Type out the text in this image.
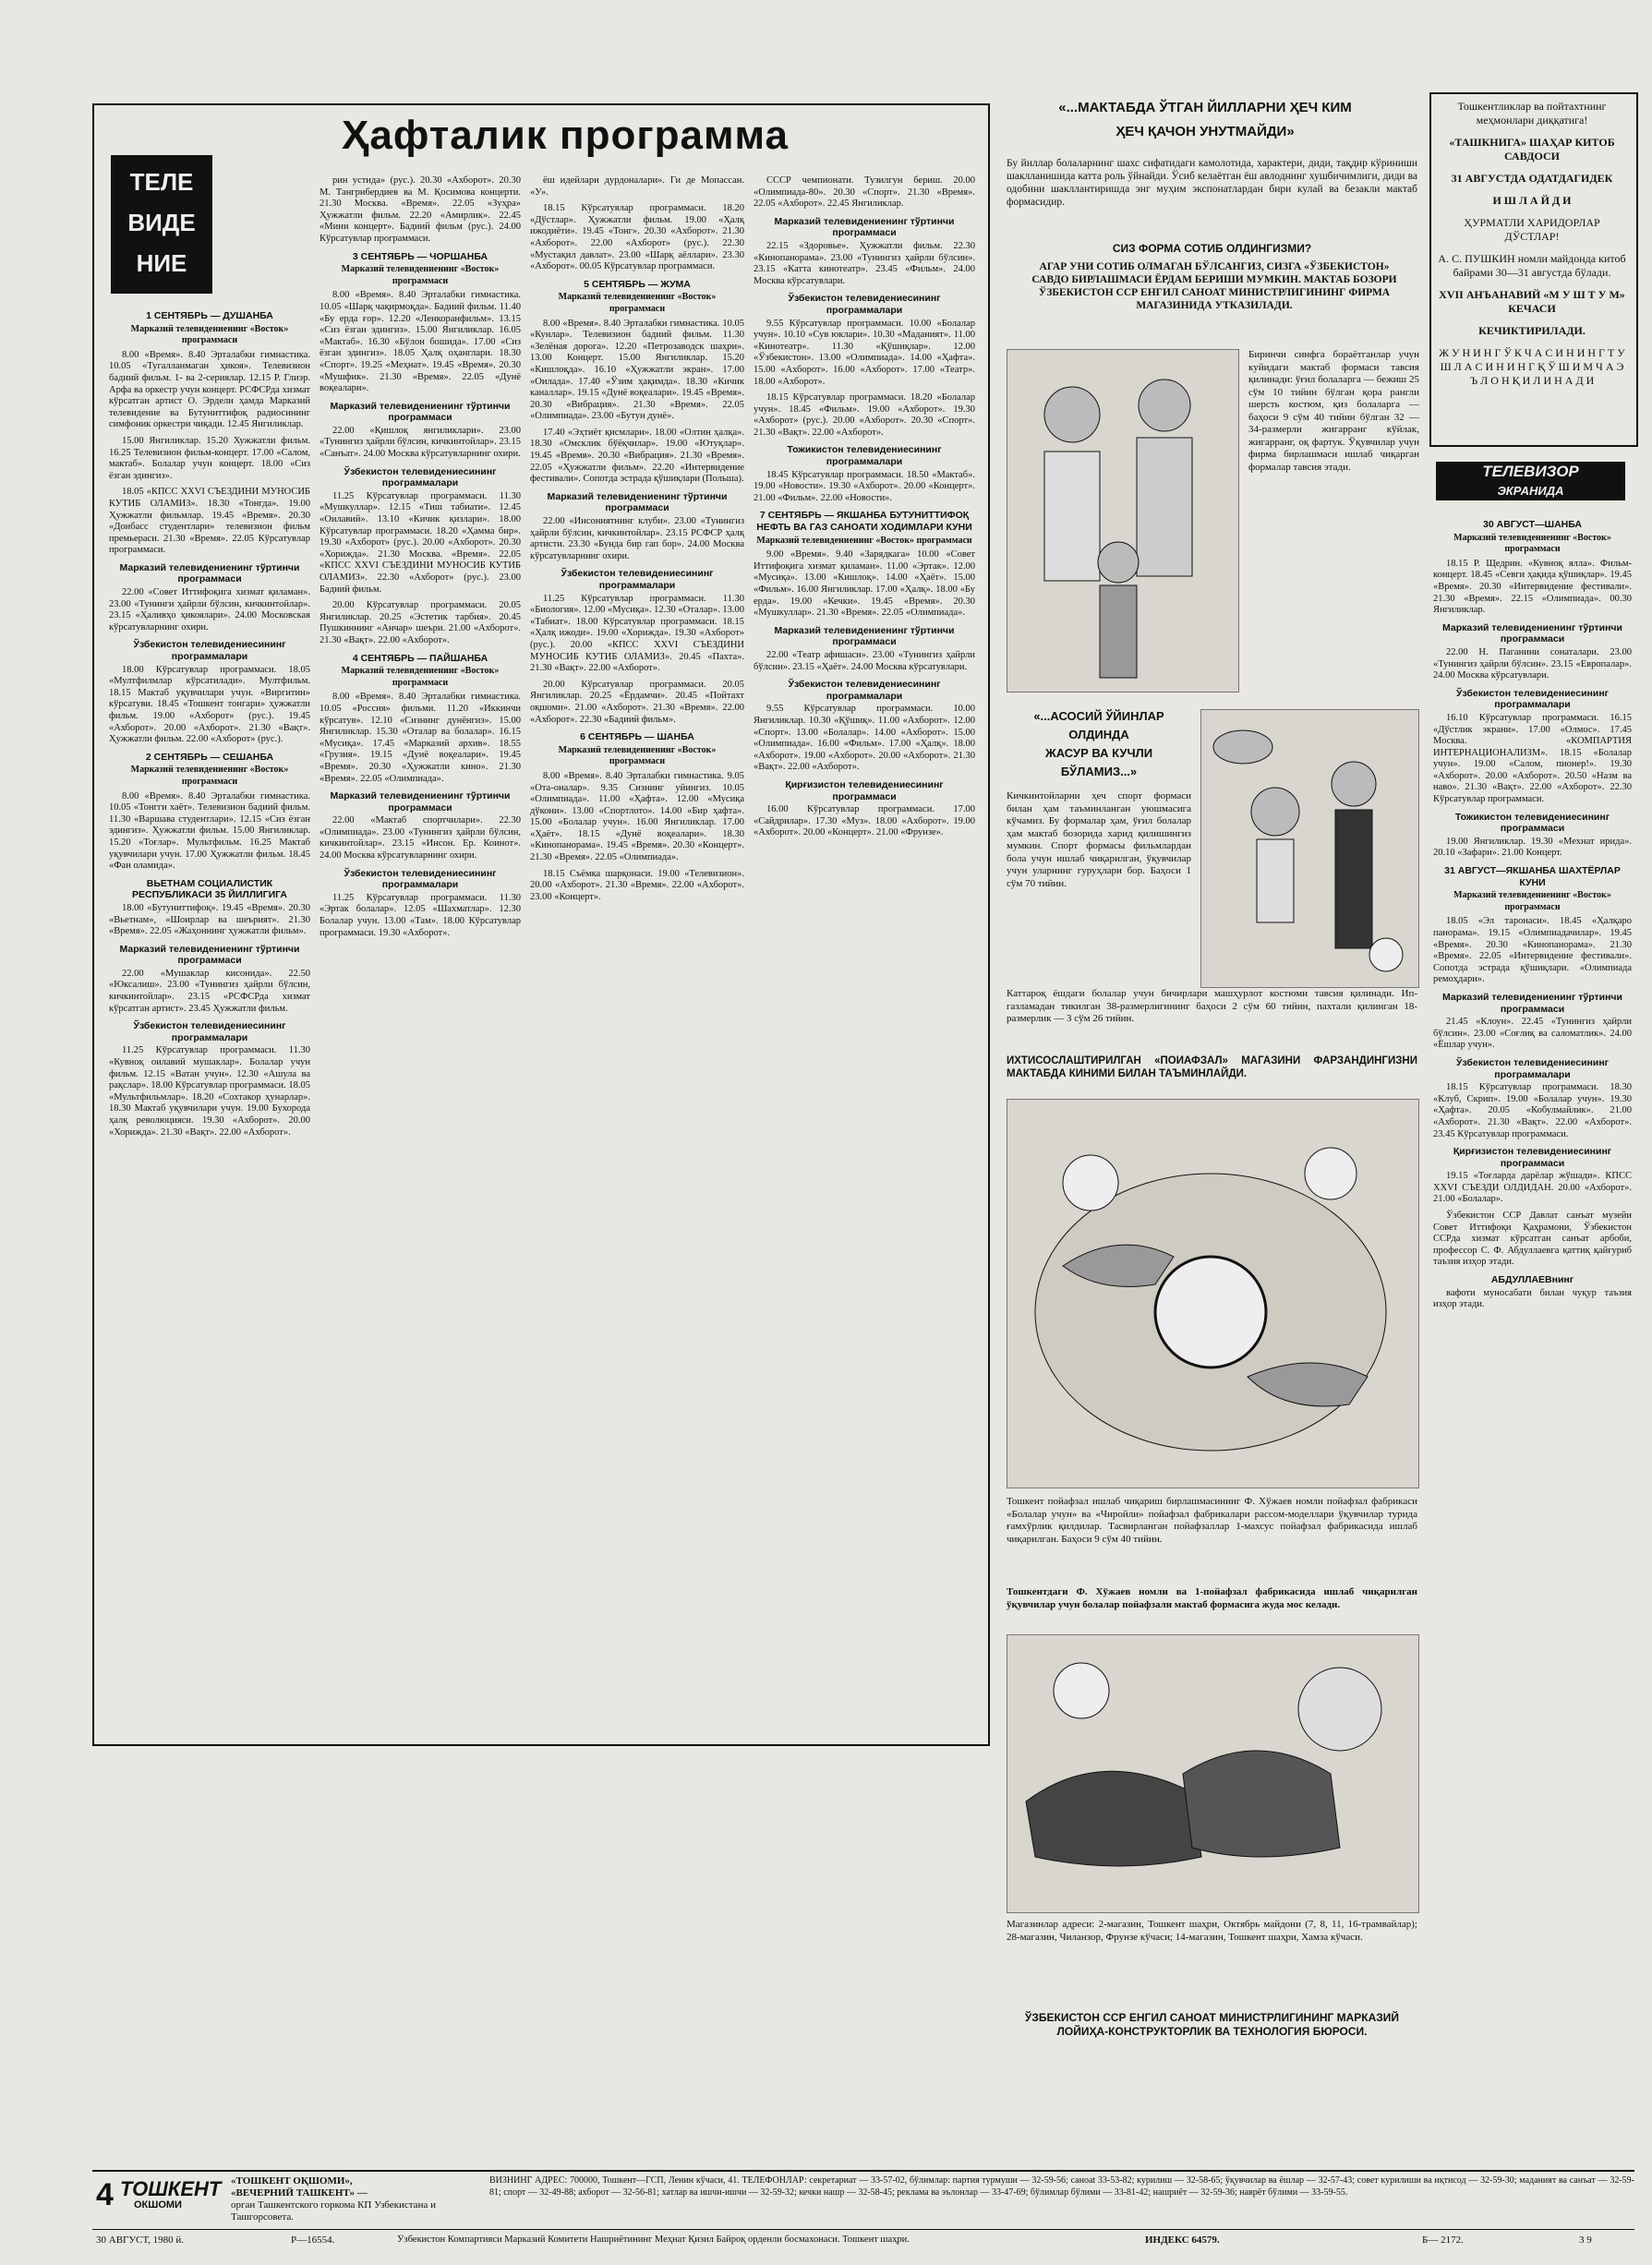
ТЕЛЕ
ВИДЕ
НИЕ
Ҳафталик программа
1 СЕНТЯБРЬ — ДУШАНБА
Марказий телевидениенинг «Восток» программаси

8.00 «Время». 8.40 Эрталабки гимнастика. 10.05 «Тугалланмаган ҳикоя». Телевизион бадиий фильм. 1- ва 2-сериялар. 12.15 Р. Глиэр. Арфа ва оркестр учун концерт. РСФСРда хизмат кўрсатган артист О. Эрдели ҳамда Марказий телевидение ва Бутуниттифоқ радиосининг симфоник оркестри чиқади. 12.45 Янгиликлар.

15.00 Янгиликлар. 15.20 Хужжатли фильм. 16.25 Телевизион фильм-концерт. 17.00 «Салом, мактаб». Болалар учун концерт. 18.00 «Сиз ёзган эдингиз».

18.05 «КПСС XXVI СЪЕЗДИНИ МУНОСИБ КУТИБ ОЛАМИЗ». 18.30 «Тонгда». 19.00 Ҳужжатли фильмлар. 19.45 «Время». 20.30 «Донбасс студентлари» телевизион фильм премьераси. 21.30 «Время». 22.05 Кўрсатувлар программаси.

Марказий телевидениенинг тўртинчи программаси

22.00 «Совет Иттифоқига хизмат қиламан». 23.00 «Тунинги ҳайрли бўлсин, кичкинтойлар». 23.15 «Ҳаливҳо ҳикоялари». 24.00 Московская кўрсатувларнинг охири.

Ўзбекистон телевидениесининг программалари

18.00 Кўрсатувлар программаси. 18.05 «Мултфилмлар кўрсатилади». Мултфильм. 18.15 Мактаб уқувчилари учун. «Виргитин» кўрсатуви. 18.45 «Тошкент тонгари» ҳужжатли фильм. 19.00 «Ахборот» (рус.). 19.45 «Ахборот». 20.00 «Ахборот». 21.30 «Вақт». Ҳужжатли фильм. 22.00 «Ахборот» (рус.).

2 СЕНТЯБРЬ — СЕШАНБА
Марказий телевидениенинг «Восток» программаси

8.00 «Время». 8.40 Эрталабки гимнастика. 10.05 «Тонгги хаёт». Телевизион бадиий фильм. 11.30 «Варшава студентлари». 12.15 «Сиз ёзган эдингиз». Ҳужжатли фильм. 15.00 Янгиликлар. 15.20 «Тоғлар». Мультфильм. 16.25 Мактаб уқувчилари учун. 17.00 Ҳужжатли фильм. 18.45 «Фан оламида».

ВЬЕТНАМ СОЦИАЛИСТИК РЕСПУБЛИКАСИ 35 ЙИЛЛИГИГА

18.00 «Бутуниттифоқ». 19.45 «Время». 20.30 «Вьетнам», «Шоирлар ва шеърият». 21.30 «Время». 22.05 «Жаҳоннинг ҳужжатли фильм».

Марказий телевидениенинг тўртинчи программаси

22.00 «Мушаклар кисонида». 22.50 «Юксалиш». 23.00 «Тунингиз ҳайрли бўлсин, кичкинтойлар». 23.15 «РСФСРда хизмат кўрсатган артист». 23.45 Ҳужжатли фильм.

Ўзбекистон телевидениесининг программалари

11.25 Кўрсатувлар программаси. 11.30 «Кувноқ оилавий мушаклар». Болалар учун фильм. 12.15 «Ватан учун». 12.30 «Ашула ва рақслар». 18.00 Кўрсатувлар программаси. 18.05 «Мультфильмлар». 18.20 «Сохтакор ҳунарлар». 18.30 Мактаб уқувчилари учун. 19.00 Бухорода ҳалқ революцияси. 19.30 «Ахборот». 20.00 «Хорижда». 21.30 «Вақт». 22.00 «Ахборот».

рин устида» (рус.). 20.30 «Ахборот». 20.30 М. Тангрибердиев ва М. Қосимова концерти. 21.30 Москва. «Время». 22.05 «Зуҳра» Ҳужжатли фильм. 22.20 «Амирлик». 22.45 «Мини концерт». Бадиий фильм (рус.). 24.00 Кўрсатувлар программаси.

3 СЕНТЯБРЬ — ЧОРШАНБА
Марказий телевидениенинг «Восток» программаси

8.00 «Время». 8.40 Эрталабки гимнастика. 10.05 «Шарқ чақирмоқда». Бадиий фильм. 11.40 «Бу ерда ғор». 12.20 «Ленкоранфильм». 13.15 «Сиз ёзган эдингиз». 15.00 Янгиликлар. 16.05 «Мактаб». 16.30 «Бўлон бошида». 17.00 «Сиз ёзган эдингиз». 18.05 Ҳалқ оҳанглари. 18.30 «Спорт». 19.25 «Меҳнат». 19.45 «Время». 20.30 «Мушфик». 21.30 «Время». 22.05 «Дунё воқеалари».

Марказий телевидениенинг тўртинчи программаси

22.00 «Қишлоқ янгиликлари». 23.00 «Тунингиз ҳайрли бўлсин, кичкинтойлар». 23.15 «Санъат». 24.00 Москва кўрсатувларнинг охири.

Ўзбекистон телевидениесининг программалари

11.25 Кўрсатувлар программаси. 11.30 «Мушкуллар». 12.15 «Тиш табиати». 12.45 «Оилавий». 13.10 «Кичик қизлари». 18.00 Кўрсатувлар программаси. 18.20 «Ҳамма бир». 19.30 «Ахборот» (рус.). 20.00 «Ахборот». 20.30 «Хорижда». 21.30 Москва. «Время». 22.05 «КПСС XXVI СЪЕЗДИНИ МУНОСИБ КУТИБ ОЛАМИЗ». 22.30 «Ахборот» (рус.). 23.00 Бадиий фильм.

20.00 Кўрсатувлар программаси. 20.05 Янгиликлар. 20.25 «Эстетик тарбия». 20.45 Пушкиннинг «Анчар» шеъри. 21.00 «Ахборот». 21.30 «Вақт». 22.00 «Ахборот».

4 СЕНТЯБРЬ — ПАЙШАНБА
Марказий телевидениенинг «Восток» программаси

8.00 «Время». 8.40 Эрталабки гимнастика. 10.05 «Россия» фильми. 11.20 «Иккинчи кўрсатув». 12.10 «Сизнинг дунёнгиз». 15.00 Янгиликлар. 15.30 «Оталар ва болалар». 16.15 «Мусиқа». 17.45 «Марказий архив». 18.55 «Грузия». 19.15 «Дунё воқеалари». 19.45 «Время». 20.30 «Ҳужжатли кино». 21.30 «Время». 22.05 «Олимпиада».

Марказий телевидениенинг тўртинчи программаси

22.00 «Мактаб спортчилари». 22.30 «Олимпиада». 23.00 «Тунингиз ҳайрли бўлсин, кичкинтойлар». 23.15 «Инсон. Ер. Коинот». 24.00 Москва кўрсатувларнинг охири.

Ўзбекистон телевидениесининг программалари

11.25 Кўрсатувлар программаси. 11.30 «Эртак болалар». 12.05 «Шахматлар». 12.30 Болалар учун. 13.00 «Там». 18.00 Кўрсатувлар программаси. 19.30 «Ахборот».

ёш идейлари дурдоналари». Ги де Мопассан. «У».

18.15 Кўрсатувлар программаси. 18.20 «Дўстлар». Ҳужжатли фильм. 19.00 «Ҳалқ ижодиёти». 19.45 «Тонг». 20.30 «Ахборот». 21.30 «Ахборот». 22.00 «Ахборот» (рус.). 22.30 «Мустақил давлат». 23.00 «Шарқ аёллари». 23.30 «Ахборот». 00.05 Кўрсатувлар программаси.

5 СЕНТЯБРЬ — ЖУМА
Марказий телевидениенинг «Восток» программаси

8.00 «Время». 8.40 Эрталабки гимнастика. 10.05 «Кунлар». Телевизион бадиий фильм. 11.30 «Зелёная дорога». 12.20 «Петрозаводск шаҳри». 13.00 Концерт. 15.00 Янгиликлар. 15.20 «Кишлоқда». 16.10 «Ҳужжатли экран». 17.00 «Оилада». 17.40 «Ўзим ҳақимда». 18.30 «Кичик каналлар». 19.15 «Дунё воқеалари». 19.45 «Время». 20.30 «Вибрация». 21.30 «Время». 22.05 «Олимпиада». 23.00 «Бутун дунё».

17.40 «Эҳтиёт қисмлари». 18.00 «Олтин ҳалқа». 18.30 «Омсклик бўёқчилар». 19.00 «Ютуқлар». 19.45 «Время». 20.30 «Вибрация». 21.30 «Время». 22.05 «Ҳужжатли фильм». 22.20 «Интервидение фестивали». Сопотда эстрада қўшиқлари (Польша).

Марказий телевидениенинг тўртинчи программаси

22.00 «Инсониятнинг клуби». 23.00 «Тунингиз ҳайрли бўлсин, кичкинтойлар». 23.15 РСФСР ҳалқ артисти. 23.30 «Бунда бир гап бор». 24.00 Москва кўрсатувларнинг охири.

Ўзбекистон телевидениесининг программалари

11.25 Кўрсатувлар программаси. 11.30 «Биология». 12.00 «Мусиқа». 12.30 «Оталар». 13.00 «Табиат». 18.00 Кўрсатувлар программаси. 18.15 «Ҳалқ ижоди». 19.00 «Хорижда». 19.30 «Ахборот» (рус.). 20.00 «КПСС XXVI СЪЕЗДИНИ МУНОСИБ КУТИБ ОЛАМИЗ». 20.45 «Пахта». 21.30 «Вақт». 22.00 «Ахборот».

20.00 Кўрсатувлар программаси. 20.05 Янгиликлар. 20.25 «Ёрдамчи». 20.45 «Пойтахт оқшоми». 21.00 «Ахборот». 21.30 «Время». 22.00 «Ахборот». 22.30 «Бадиий фильм».

6 СЕНТЯБРЬ — ШАНБА
Марказий телевидениенинг «Восток» программаси

8.00 «Время». 8.40 Эрталабки гимнастика. 9.05 «Ота-оналар». 9.35 Сизнинг уйингиз. 10.05 «Олимпиада». 11.00 «Ҳафта». 12.00 «Мусиқа дўкони». 13.00 «Спортлото». 14.00 «Бир ҳафта». 15.00 «Болалар учун». 16.00 Янгиликлар. 17.00 «Ҳаёт». 18.15 «Дунё воқеалари». 18.30 «Кинопанорама». 19.45 «Время». 20.30 «Концерт». 21.30 «Время». 22.05 «Олимпиада».

18.15 Съёмка шарқонаси. 19.00 «Телевизион». 20.00 «Ахборот». 21.30 «Время». 22.00 «Ахборот». 23.00 «Концерт».

СССР чемпионати. Тузилгун бериш. 20.00 «Олимпиада-80». 20.30 «Спорт». 21.30 «Время». 22.05 «Ахборот». 22.45 Янгиликлар.

Марказий телевидениенинг тўртинчи программаси

22.15 «Здоровье». Ҳужжатли фильм. 22.30 «Кинопанорама». 23.00 «Тунингиз ҳайрли бўлсин». 23.15 «Катта кинотеатр». 23.45 «Фильм». 24.00 Москва кўрсатувлари.

Ўзбекистон телевидениесининг программалари

9.55 Кўрсатувлар программаси. 10.00 «Болалар учун». 10.10 «Сув юклари». 10.30 «Маданият». 11.00 «Кинотеатр». 11.30 «Қўшиқлар». 12.00 «Ўзбекистон». 13.00 «Олимпиада». 14.00 «Ҳафта». 15.00 «Ахборот». 16.00 «Ахборот». 17.00 «Театр». 18.00 «Ахборот».

18.15 Кўрсатувлар программаси. 18.20 «Болалар учун». 18.45 «Фильм». 19.00 «Ахборот». 19.30 «Ахборот» (рус.). 20.00 «Ахборот». 20.30 «Спорт». 21.30 «Вақт». 22.00 «Ахборот».

Тожикистон телевидениесининг программалари

18.45 Кўрсатувлар программаси. 18.50 «Мактаб». 19.00 «Новости». 19.30 «Ахборот». 20.00 «Концерт». 21.00 «Фильм». 22.00 «Новости».

7 СЕНТЯБРЬ — ЯКШАНБА БУТУНИТТИФОҚ НЕФТЬ ВА ГАЗ САНОАТИ ХОДИМЛАРИ КУНИ
Марказий телевидениенинг «Восток» программаси

9.00 «Время». 9.40 «Зарядкага» 10.00 «Совет Иттифоқига хизмат қиламан». 11.00 «Эртак». 12.00 «Мусиқа». 13.00 «Кишлоқ». 14.00 «Ҳаёт». 15.00 «Фильм». 16.00 Янгиликлар. 17.00 «Ҳалқ». 18.00 «Бу ерда». 19.00 «Кечки». 19.45 «Время». 20.30 «Мушкуллар». 21.30 «Время». 22.05 «Олимпиада».

Марказий телевидениенинг тўртинчи программаси

22.00 «Театр афишаси». 23.00 «Тунингиз ҳайрли бўлсин». 23.15 «Ҳаёт». 24.00 Москва кўрсатувлари.

Ўзбекистон телевидениесининг программалари

9.55 Кўрсатувлар программаси. 10.00 Янгиликлар. 10.30 «Қўшиқ». 11.00 «Ахборот». 12.00 «Спорт». 13.00 «Болалар». 14.00 «Ахборот». 15.00 «Олимпиада». 16.00 «Фильм». 17.00 «Ҳалқ». 18.00 «Ахборот». 19.00 «Ахборот». 20.00 «Ахборот». 21.30 «Вақт». 22.00 «Ахборот».

Қирғизистон телевидениесининг программаси

16.00 Кўрсатувлар программаси. 17.00 «Сайдрилар». 17.30 «Муз». 18.00 «Ахборот». 19.00 «Ахборот». 20.00 «Концерт». 21.00 «Фрунзе».

«...МАКТАБДА ЎТГАН ЙИЛЛАРНИ ҲЕЧ КИМ
ҲЕЧ ҚАЧОН УНУТМАЙДИ»
Бу йиллар болаларнинг шахс сифатидаги камолотида, характери, диди, тақдир кўриниши шаклланишида катта роль ўйнайди. Ўсиб келаётган ёш авлоднинг хушбичимлиги, диди ва одобини шакллантиришда энг муҳим экспонатлардан бири кулай ва безакли мактаб формасидир.
СИЗ ФОРМА СОТИБ ОЛДИНГИЗМИ?
АГАР УНИ СОТИБ ОЛМАГАН БЎЛСАНГИЗ, СИЗГА «ЎЗБЕКИСТОН» САВДО БИРЛАШМАСИ ЁРДАМ БЕРИШИ МУМКИН. МАКТАБ БОЗОРИ ЎЗБЕКИСТОН ССР ЕНГИЛ САНОАТ МИНИСТРЛИГИНИНГ ФИРМА МАГАЗИНИДА УТКАЗИЛАДИ.
Биринчи синфга бораётганлар учун куйидаги мактаб формаси тавсия қилинади: ўғил болаларга — бежиш 25 сўм 10 тийин бўлган қора рангли шерсть костюм, қиз болаларга — баҳоси 9 сўм 40 тийин бўлган 32 — 34-размерли жигарранг кўйлак, жигарранг, оқ фартук. Ўқувчилар учун фирма бирлашмаси ишлаб чиқарган формалар тавсия этади.
«...АСОСИЙ ЎЙИНЛАР
ОЛДИНДА
ЖАСУР ВА КУЧЛИ
БЎЛАМИЗ...»
Кичкинтойларни ҳеч спорт формаси билан ҳам таъминланган уюшмасига кўчамиз. Бу формалар ҳам, ўғил болалар ҳам мактаб бозорида харид қилишингиз мумкин. Спорт формасы фильмлардан бола учун ишлаб чиқарилган, ўқувчилар учун уларнинг гуруҳлари бор. Баҳоси 1 сўм 70 тийин.
Каттароқ ёшдаги болалар учун бичирлари машҳурлот костюми тавсия қилинади. Ип-газламадан тикилган 38-размерлигининг баҳоси 2 сўм 60 тийин, пахтали қилинган 18-размерлик — 3 сўм 26 тийин.
ИХТИСОСЛАШТИРИЛГАН «ПОИАФЗАЛ» МАГАЗИНИ ФАРЗАНДИНГИЗНИ МАКТАБДА КИНИМИ БИЛАН ТАЪМИНЛАЙДИ.
Тошкент пойафзал ишлаб чиқариш бирлашмасининг Ф. Хўжаев номли пойафзал фабрикаси «Болалар учун» ва «Чиройли» пойафзал фабрикалари рассом-моделлари ўқувчилар турида ғамхўрлик қилдилар. Тасвирланган пойафзаллар 1-махсус пойафзал фабрикасида ишлаб чиқарилган. Баҳоси 9 сўм 40 тийин.
Тошкентдаги Ф. Хўжаев номли ва 1-пойафзал фабрикасида ишлаб чиқарилган ўқувчилар учун болалар пойафзали мактаб формасига жуда мос келади.
Магазинлар адреси: 2-магазин, Тошкент шаҳри, Октябрь майдони (7, 8, 11, 16-трамвайлар); 28-магазин, Чиланзор, Фрунзе кўчаси; 14-магазин, Тошкент шаҳри, Хамза кўчаси.
ЎЗБЕКИСТОН ССР ЕНГИЛ САНОАТ МИНИСТРЛИГИНИНГ МАРКАЗИЙ ЛОЙИҲА-КОНСТРУКТОРЛИК ВА ТЕХНОЛОГИЯ БЮРОСИ.
Тошкентликлар ва пойтахтнинг меҳмонлари диққатига!
«ТАШКНИГА» ШАҲАР КИТОБ САВДОСИ
31 АВГУСТДА ОДАТДАГИДЕК
И Ш Л А Й Д И
ҲУРМАТЛИ ХАРИДОРЛАР ДЎСТЛАР!
А. С. ПУШКИН номли майдонда китоб байрами 30—31 августда бўлади.
XVII АНЪАНАВИЙ «М У Ш Т У М» КЕЧАСИ
КЕЧИКТИРИЛАДИ.
Ж У Н И Н Г Ў К Ч А С И Н И Н Г Т У Ш Л А С И Н И Н Г Қ Ў Ш И М Ч А Э Ъ Л О Н Қ И Л И Н А Д И
ТЕЛЕВИЗОР
ЭКРАНИДА
30 АВГУСТ—ШАНБА
Марказий телевидениенинг «Восток» программаси

18.15 Р. Щедрин. «Кувноқ ялла». Фильм-концерт. 18.45 «Севги ҳақида қўшиқлар». 19.45 «Время». 20.30 «Интервидение фестивали». 21.30 «Время». 22.15 «Олимпиада». 00.30 Янгиликлар.

Марказий телевидениенинг тўртинчи программаси

22.00 Н. Паганини сонаталари. 23.00 «Тунингиз ҳайрли бўлсин». 23.15 «Европалар». 24.00 Москва кўрсатувлари.

Ўзбекистон телевидениесининг программалари

16.10 Кўрсатувлар программаси. 16.15 «Дўстлик экрани». 17.00 «Олмос». 17.45 Москва. «КОМПАРТИЯ ИНТЕРНАЦИОНАЛИЗМ». 18.15 «Болалар учун». 19.00 «Салом, пионер!». 19.30 «Ахборот». 20.00 «Ахборот». 20.50 «Назм ва наво». 21.30 «Вақт». 22.00 «Ахборот». 22.30 Кўрсатувлар программаси.

Тожикистон телевидениесининг программаси

19.00 Янгиликлар. 19.30 «Мехнат ирида». 20.10 «Зафари». 21.00 Концерт.

31 АВГУСТ—ЯКШАНБА ШАХТЁРЛАР КУНИ
Марказий телевидениенинг «Восток» программаси

18.05 «Эл таронаси». 18.45 «Ҳалқаро панорама». 19.15 «Олимпиадачилар». 19.45 «Время». 20.30 «Кинопанорама». 21.30 «Время». 22.05 «Интервидение фестивали». Сопотда эстрада қўшиқлари. «Олимпиада ремоҳдари».

Марказий телевидениенинг тўртинчи программаси

21.45 «Клоун». 22.45 «Тунингиз ҳайрли бўлсин». 23.00 «Соғлиқ ва саломатлик». 24.00 «Ёшлар учун».

Ўзбекистон телевидениесининг программалари

18.15 Кўрсатувлар программаси. 18.30 «Клуб, Скрип». 19.00 «Болалар учун». 19.30 «Ҳафта». 20.05 «Кобулмайлик». 21.00 «Ахборот». 21.30 «Вақт». 22.00 «Ахборот». 23.45 Кўрсатувлар программаси.

Қирғизистон телевидениесининг программаси

19.15 «Тоғларда дарёлар жўшади». КПСС XXVI СЪЕЗДИ ОЛДИДАН. 20.00 «Ахборот». 21.00 «Болалар».

Ўзбекистон ССР Давлат санъат музейи Совет Иттифоқи Қаҳрамони, Ўзбекистон ССРда хизмат кўрсатган санъат арбоби, профессор С. Ф. Абдуллаевга қаттиқ қайғуриб таъзия изҳор этади.

АБДУЛЛАЕВнинг

вафоти муносабати билан чуқур таъзия изҳор этади.

4 ТОШКЕНТ
ОКШОМИ
«ТОШКЕНТ ОҚШОМИ»,
«ВЕЧЕРНИЙ ТАШКЕНТ» —
орган Ташкентского горкома КП Узбекистана и Ташгорсовета.
ВИЗНИНГ АДРЕС: 700000, Тошкент—ГСП, Ленин кўчаси, 41. ТЕЛЕФОНЛАР: секретариат — 33-57-02, бўлимлар: партия турмуши — 32-59-56; санoat 33-53-82; курилиш — 32-58-65; ўқувчилар ва ёшлар — 32-57-43; совет курилиши ва иқтисод — 32-59-30; маданият ва санъат — 32-59-81; спорт — 32-49-88; ахборот — 32-56-81; хатлар ва ишчи-ишчи — 32-59-32; кечки нашр — 32-58-45; реклама ва эълонлар — 33-47-69; бўлимлар бўлими — 33-81-42; нашриёт — 32-59-36; наврёт бўлими — 33-59-55.
30 АВГУСТ, 1980 й.	Р—16554.	Ўзбекистон Компартияси Марказий Комитети Нашриётининг Меҳнат Қизил Байроқ орденли босмахонаси. Тошкент шаҳри.	ИНДЕКС 64579.	Б— 2172.	3 9
